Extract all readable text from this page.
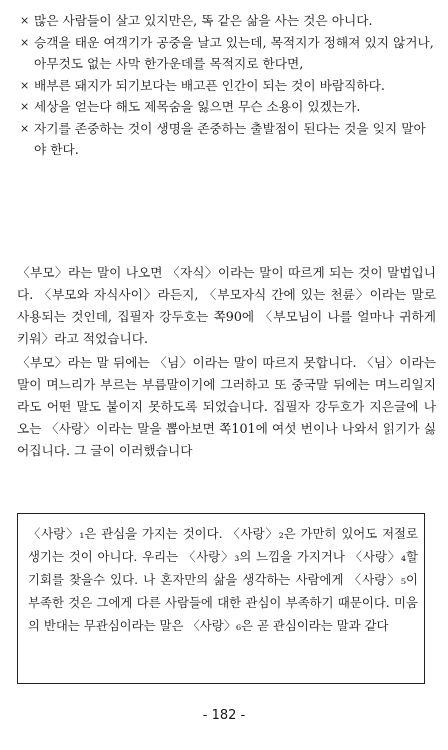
× 많은 사람들이 살고 있지만은, 똑 같은 삶을 사는 것은 아니다.
× 승객을 태운 여객기가 공중을 날고 있는데, 목적지가 정해져 있지 않거나, 아무것도 없는 사막 한가운데를 목적지로 한다면,
× 배부른 돼지가 되기보다는 배고픈 인간이 되는 것이 바람직하다.
× 세상을 얻는다 해도 제목숨을 잃으면 무슨 소용이 있겠는가.
× 자기를 존중하는 것이 생명을 존중하는 출발점이 된다는 것을 잊지 말아야 한다.

〈부모〉라는 말이 나오면 〈자식〉이라는 말이 따르게 되는 것이 말법입니다. 〈부모와 자식사이〉라든지, 〈부모자식 간에 있는 천륜〉이라는 말로 사용되는 것인데, 집필자 강두호는 쪽90에 〈부모님이 나를 얼마나 귀하게 키워〉라고 적었습니다.

〈부모〉라는 말 뒤에는 〈님〉이라는 말이 따르지 못합니다. 〈님〉이라는 말이 며느리가 부르는 부름말이기에 그러하고 또 중국말 뒤에는 며느리일지라도 어떤 말도 붙이지 못하도록 되었습니다. 집필자 강두호가 지은글에 나오는 〈사랑〉이라는 말을 뽑아보면 쪽101에 여섯 번이나 나와서 읽기가 싫어집니다. 그 글이 이러했습니다

〈사랑〉₁은 관심을 가지는 것이다. 〈사랑〉₂은 가만히 있어도 저절로 생기는 것이 아니다. 우리는 〈사랑〉₃의 느낌을 가지거나 〈사랑〉₄할 기회를 찾을수 있다. 나 혼자만의 삶을 생각하는 사람에게 〈사랑〉₅이 부족한 것은 그에게 다른 사람들에 대한 관심이 부족하기 때문이다. 미움의 반대는 무관심이라는 말은 〈사랑〉₆은 곧 관심이라는 말과 같다
- 182 -
